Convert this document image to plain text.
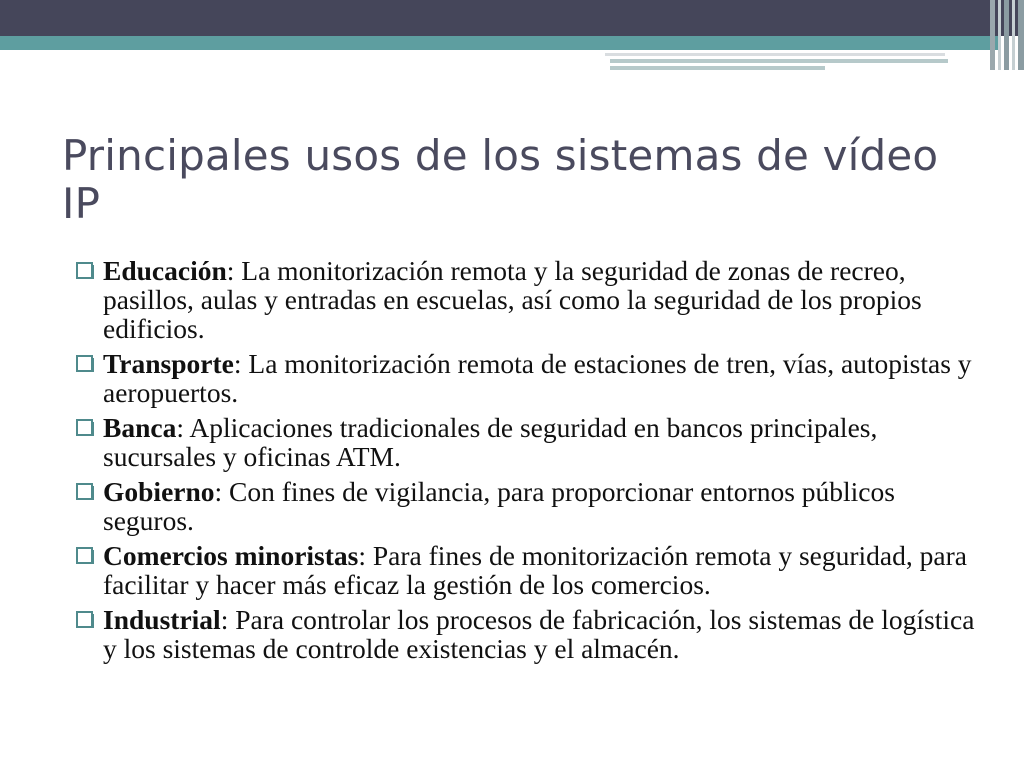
Principales usos de los sistemas de vídeo IP
Educación: La monitorización remota y la seguridad de zonas de recreo, pasillos, aulas y entradas en escuelas, así como la seguridad de los propios edificios.
Transporte: La monitorización remota de estaciones de tren, vías, autopistas y aeropuertos.
Banca: Aplicaciones tradicionales de seguridad en bancos principales, sucursales y oficinas ATM.
Gobierno: Con fines de vigilancia, para proporcionar entornos públicos seguros.
Comercios minoristas: Para fines de monitorización remota y seguridad, para facilitar y hacer más eficaz la gestión de los comercios.
Industrial: Para controlar los procesos de fabricación, los sistemas de logística y los sistemas de controlde existencias y el almacén.
